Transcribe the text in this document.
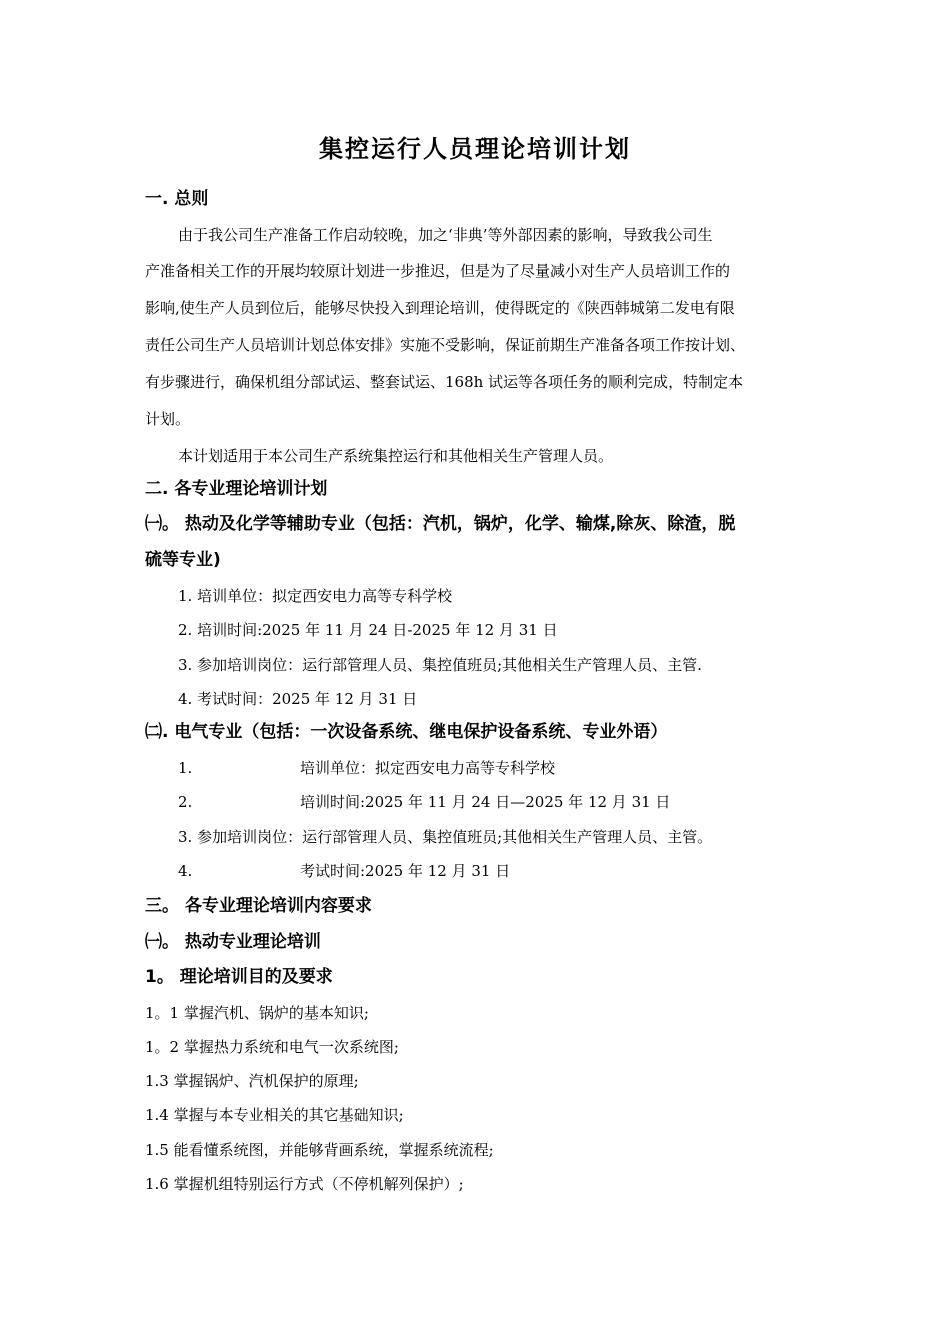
集控运行人员理论培训计划
一. 总则
由于我公司生产准备工作启动较晚，加之‘非典’等外部因素的影响，导致我公司生
产准备相关工作的开展均较原计划进一步推迟，但是为了尽量减小对生产人员培训工作的
影响,使生产人员到位后，能够尽快投入到理论培训，使得既定的《陕西韩城第二发电有限
责任公司生产人员培训计划总体安排》实施不受影响，保证前期生产准备各项工作按计划、
有步骤进行，确保机组分部试运、整套试运、168h 试运等各项任务的顺利完成，特制定本
计划。
本计划适用于本公司生产系统集控运行和其他相关生产管理人员。
二. 各专业理论培训计划
㈠。 热动及化学等辅助专业（包括：汽机，锅炉，化学、输煤,除灰、除渣，脱
硫等专业)
1. 培训单位：拟定西安电力高等专科学校
2. 培训时间:2025 年 11 月 24 日-2025 年 12 月 31 日
3. 参加培训岗位：运行部管理人员、集控值班员;其他相关生产管理人员、主管.
4. 考试时间：2025 年 12 月 31 日
㈡. 电气专业（包括：一次设备系统、继电保护设备系统、专业外语）
1.	培训单位：拟定西安电力高等专科学校
2.	培训时间:2025 年 11 月 24 日—2025 年 12 月 31 日
3. 参加培训岗位：运行部管理人员、集控值班员;其他相关生产管理人员、主管。
4.	考试时间:2025 年 12 月 31 日
三。 各专业理论培训内容要求
㈠。 热动专业理论培训
1。 理论培训目的及要求
1。1 掌握汽机、锅炉的基本知识;
1。2 掌握热力系统和电气一次系统图;
1.3 掌握锅炉、汽机保护的原理;
1.4 掌握与本专业相关的其它基础知识;
1.5 能看懂系统图，并能够背画系统，掌握系统流程;
1.6 掌握机组特别运行方式（不停机解列保护）;
